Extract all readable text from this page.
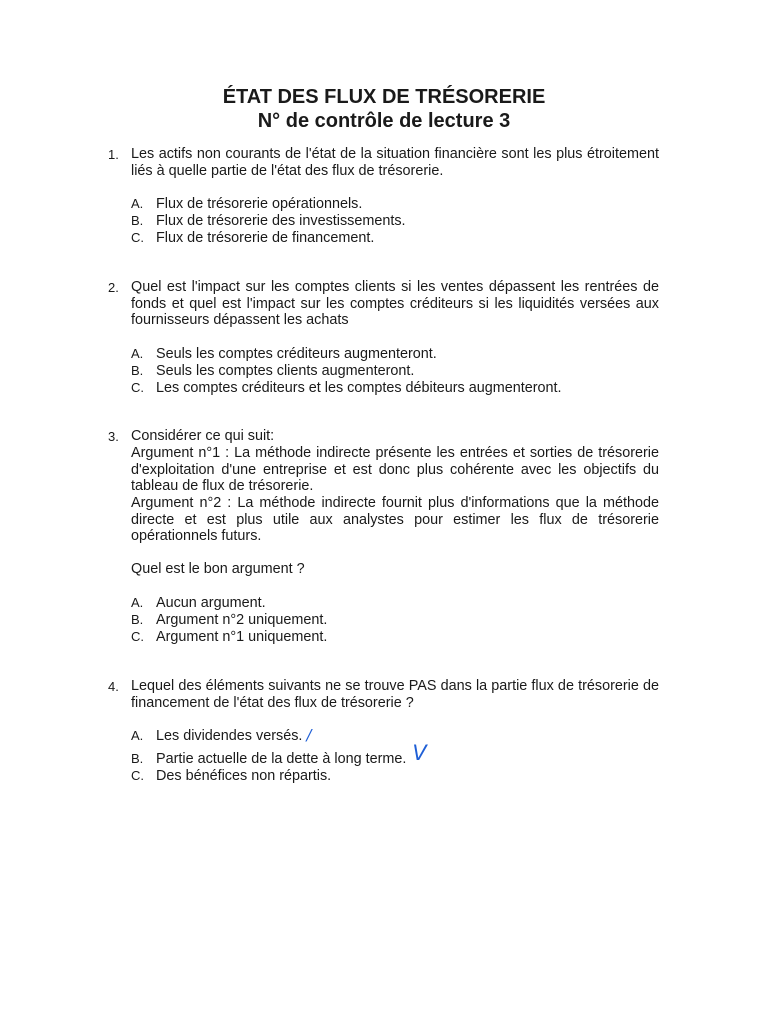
ÉTAT DES FLUX DE TRÉSORERIE
N° de contrôle de lecture 3
1. Les actifs non courants de l'état de la situation financière sont les plus étroitement liés à quelle partie de l'état des flux de trésorerie.

A. Flux de trésorerie opérationnels.
B. Flux de trésorerie des investissements.
C. Flux de trésorerie de financement.
2. Quel est l'impact sur les comptes clients si les ventes dépassent les rentrées de fonds et quel est l'impact sur les comptes créditeurs si les liquidités versées aux fournisseurs dépassent les achats

A. Seuls les comptes créditeurs augmenteront.
B. Seuls les comptes clients augmenteront.
C. Les comptes créditeurs et les comptes débiteurs augmenteront.
3. Considérer ce qui suit:

Argument n°1 : La méthode indirecte présente les entrées et sorties de trésorerie d'exploitation d'une entreprise et est donc plus cohérente avec les objectifs du tableau de flux de trésorerie.

Argument n°2 : La méthode indirecte fournit plus d'informations que la méthode directe et est plus utile aux analystes pour estimer les flux de trésorerie opérationnels futurs.

Quel est le bon argument ?

A. Aucun argument.
B. Argument n°2 uniquement.
C. Argument n°1 uniquement.
4. Lequel des éléments suivants ne se trouve PAS dans la partie flux de trésorerie de financement de l'état des flux de trésorerie ?

A. Les dividendes versés. /
B. Partie actuelle de la dette à long terme. V
C. Des bénéfices non répartis.
